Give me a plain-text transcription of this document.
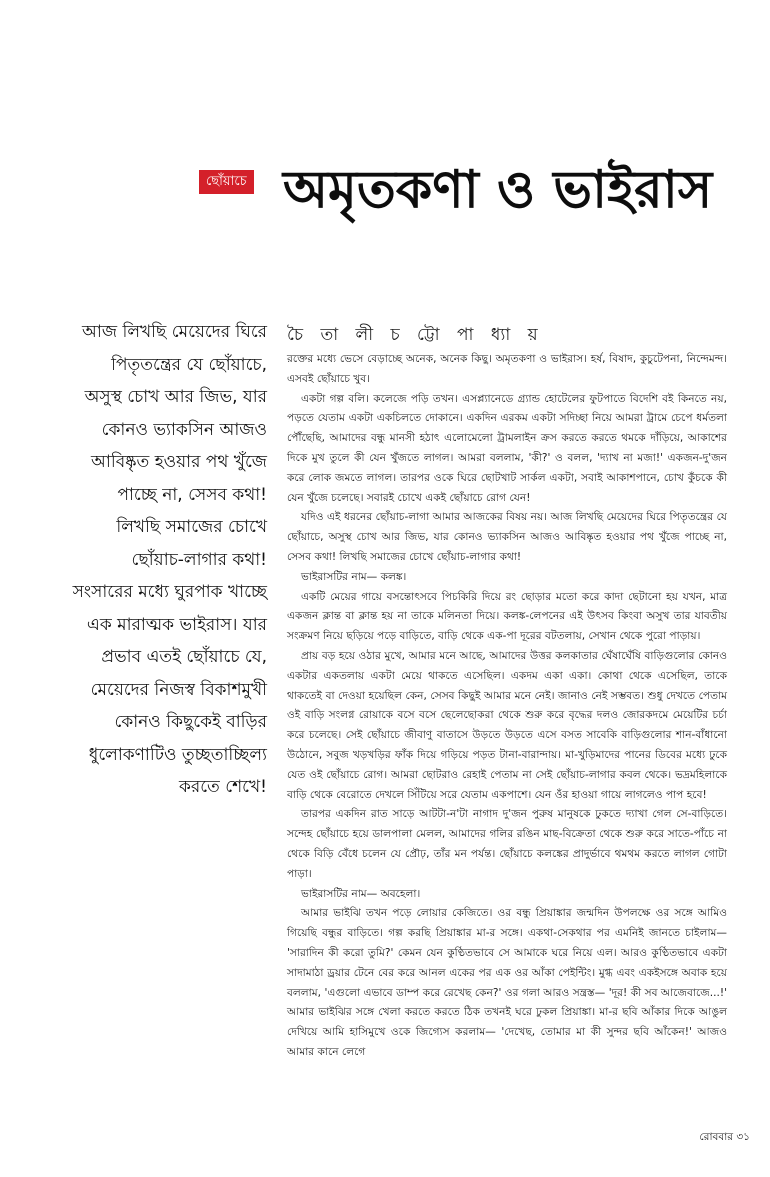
ছোঁয়াচে অমৃতকণা ও ভাইরাস
চৈ তা লী চ ট্টো পা ধ্যা য়
আজ লিখছি মেয়েদের ঘিরে পিতৃতন্ত্রের যে ছোঁয়াচে, অসুস্থ চোখ আর জিভ, যার কোনও ভ্যাকসিন আজও আবিষ্কৃত হওয়ার পথ খুঁজে পাচ্ছে না, সেসব কথা! লিখছি সমাজের চোখে ছোঁয়াচ-লাগার কথা! সংসারের মধ্যে ঘুরপাক খাচ্ছে এক মারাত্মক ভাইরাস। যার প্রভাব এতই ছোঁয়াচে যে, মেয়েদের নিজস্ব বিকাশমুখী কোনও কিছুকেই বাড়ির ধুলোকণাটিও তুচ্ছতাচ্ছিল্য করতে শেখে!

রক্তের মধ্যে ভেসে বেড়াচ্ছে অনেক, অনেক কিছু। অমৃতকণা ও ভাইরাস। হর্ষ, বিষাদ, কুচুটেপনা, নিন্দেমন্দ। এসবই ছোঁয়াচে খুব।

একটা গল্প বলি। কলেজে পড়ি তখন। এসপ্ল্যানেডে গ্র্যান্ড হোটেলের ফুটপাতে বিদেশি বই কিনতে নয়, পড়তে যেতাম একটা একচিলতে দোকানে। একদিন এরকম একটা সদিচ্ছা নিয়ে আমরা ট্রামে চেপে ধর্মতলা পৌঁছেছি, আমাদের বন্ধু মানসী হঠাৎ এলোমেলো ট্রামলাইন ক্রস করতে করতে থমকে দাঁড়িয়ে, আকাশের দিকে মুখ তুলে কী যেন খুঁজতে লাগল। আমরা বললাম, 'কী?' ও বলল, 'দ্যাখ না মজা!' একজন-দু'জন করে লোক জমতে লাগল। তারপর ওকে ঘিরে ছোটখাট সার্কল একটা, সবাই আকাশপানে, চোখ কুঁচকে কী যেন খুঁজে চলেছে। সবারই চোখে একই ছোঁয়াচে রোগ যেন!

যদিও এই ধরনের ছোঁয়াচ-লাগা আমার আজকের বিষয় নয়। আজ লিখছি মেয়েদের ঘিরে পিতৃতন্ত্রের যে ছোঁয়াচে, অসুস্থ চোখ আর জিভ, যার কোনও ভ্যাকসিন আজও আবিষ্কৃত হওয়ার পথ খুঁজে পাচ্ছে না, সেসব কথা! লিখছি সমাজের চোখে ছোঁয়াচ-লাগার কথা!

ভাইরাসটির নাম— কলঙ্ক।

একটি মেয়ের গায়ে বসন্তোৎসবে পিচকিরি দিয়ে রং ছোড়ার মতো করে কাদা ছেটানো হয় যখন, মাত্র একজন ক্লান্ত বা ক্লান্ত হয় না তাকে মলিনতা দিয়ে। কলঙ্ক-লেপনের এই উৎসব কিংবা অসুখ তার যাবতীয় সংক্রমণ নিয়ে ছড়িয়ে পড়ে বাড়িতে, বাড়ি থেকে এক-পা দূরের বটতলায়, সেখান থেকে পুরো পাড়ায়।

প্রায় বড় হয়ে ওঠার মুখে, আমার মনে আছে, আমাদের উত্তর কলকাতার ঘেঁষাঘেঁষি বাড়িগুলোর কোনও একটার একতলায় একটা মেয়ে থাকতে এসেছিল। একদম একা একা। কোথা থেকে এসেছিল, তাকে থাকতেই বা দেওয়া হয়েছিল কেন, সেসব কিছুই আমার মনে নেই। জানাও নেই সম্ভবত। শুধু দেখতে পেতাম ওই বাড়ি সংলগ্ন রোয়াকে বসে বসে ছেলেছোকরা থেকে শুরু করে বৃদ্ধের দলও জোরকদমে মেয়েটির চর্চা করে চলেছে। সেই ছোঁয়াচে জীবাণু বাতাসে উড়তে উড়তে এসে বসত সাবেকি বাড়িগুলোর শান-বাঁধানো উঠোনে, সবুজ খড়খড়ির ফাঁক দিয়ে গড়িয়ে পড়ত টানা-বারান্দায়। মা-খুড়িমাদের পানের ডিবের মধ্যে ঢুকে যেত ওই ছোঁয়াচে রোগ। আমরা ছোটরাও রেহাই পেতাম না সেই ছোঁয়াচ-লাগার কবল থেকে। ভদ্রমহিলাকে বাড়ি থেকে বেরোতে দেখলে সিঁটিয়ে সরে যেতাম একপাশে। যেন ওঁর হাওয়া গায়ে লাগলেও পাপ হবে!

তারপর একদিন রাত সাড়ে আটটা-ন'টা নাগাদ দু'জন পুরুষ মানুষকে ঢুকতে দ্যাখা গেল সে-বাড়িতে। সন্দেহ ছোঁয়াচে হয়ে ডালপালা মেলল, আমাদের গলির রঙিন মাছ-বিক্রেতা থেকে শুরু করে সাতে-পাঁচে না থেকে বিড়ি বেঁধে চলেন যে প্রৌঢ়, তাঁর মন পর্যন্ত। ছোঁয়াচে কলঙ্কের প্রাদুর্ভাবে থমথম করতে লাগল গোটা পাড়া।

ভাইরাসটির নাম— অবহেলা।

আমার ভাইঝি তখন পড়ে লোয়ার কেজিতে। ওর বন্ধু প্রিয়াঙ্কার জন্মদিন উপলক্ষে ওর সঙ্গে আমিও গিয়েছি বন্ধুর বাড়িতে। গল্প করছি প্রিয়াঙ্কার মা-র সঙ্গে। একথা-সেকথার পর এমনিই জানতে চাইলাম— 'সারাদিন কী করো তুমি?' কেমন যেন কুণ্ঠিতভাবে সে আমাকে ঘরে নিয়ে এল। আরও কুণ্ঠিতভাবে একটা সাদামাঠা ড্রয়ার টেনে বের করে আনল একের পর এক ওর আঁকা পেইন্টিং। মুগ্ধ এবং একইসঙ্গে অবাক হয়ে বললাম, 'এগুলো এভাবে ডাম্প করে রেখেছ কেন?' ওর গলা আরও সন্ত্রস্ত— 'দূর! কী সব আজেবাজে...!' আমার ভাইঝির সঙ্গে খেলা করতে করতে ঠিক তখনই ঘরে ঢুকল প্রিয়াঙ্কা। মা-র ছবি আঁকার দিকে আঙুল দেখিয়ে আমি হাসিমুখে ওকে জিগ্যেস করলাম— 'দেখেছ, তোমার মা কী সুন্দর ছবি আঁকেন!' আজও আমার কানে লেগে

রোববার ৩১
